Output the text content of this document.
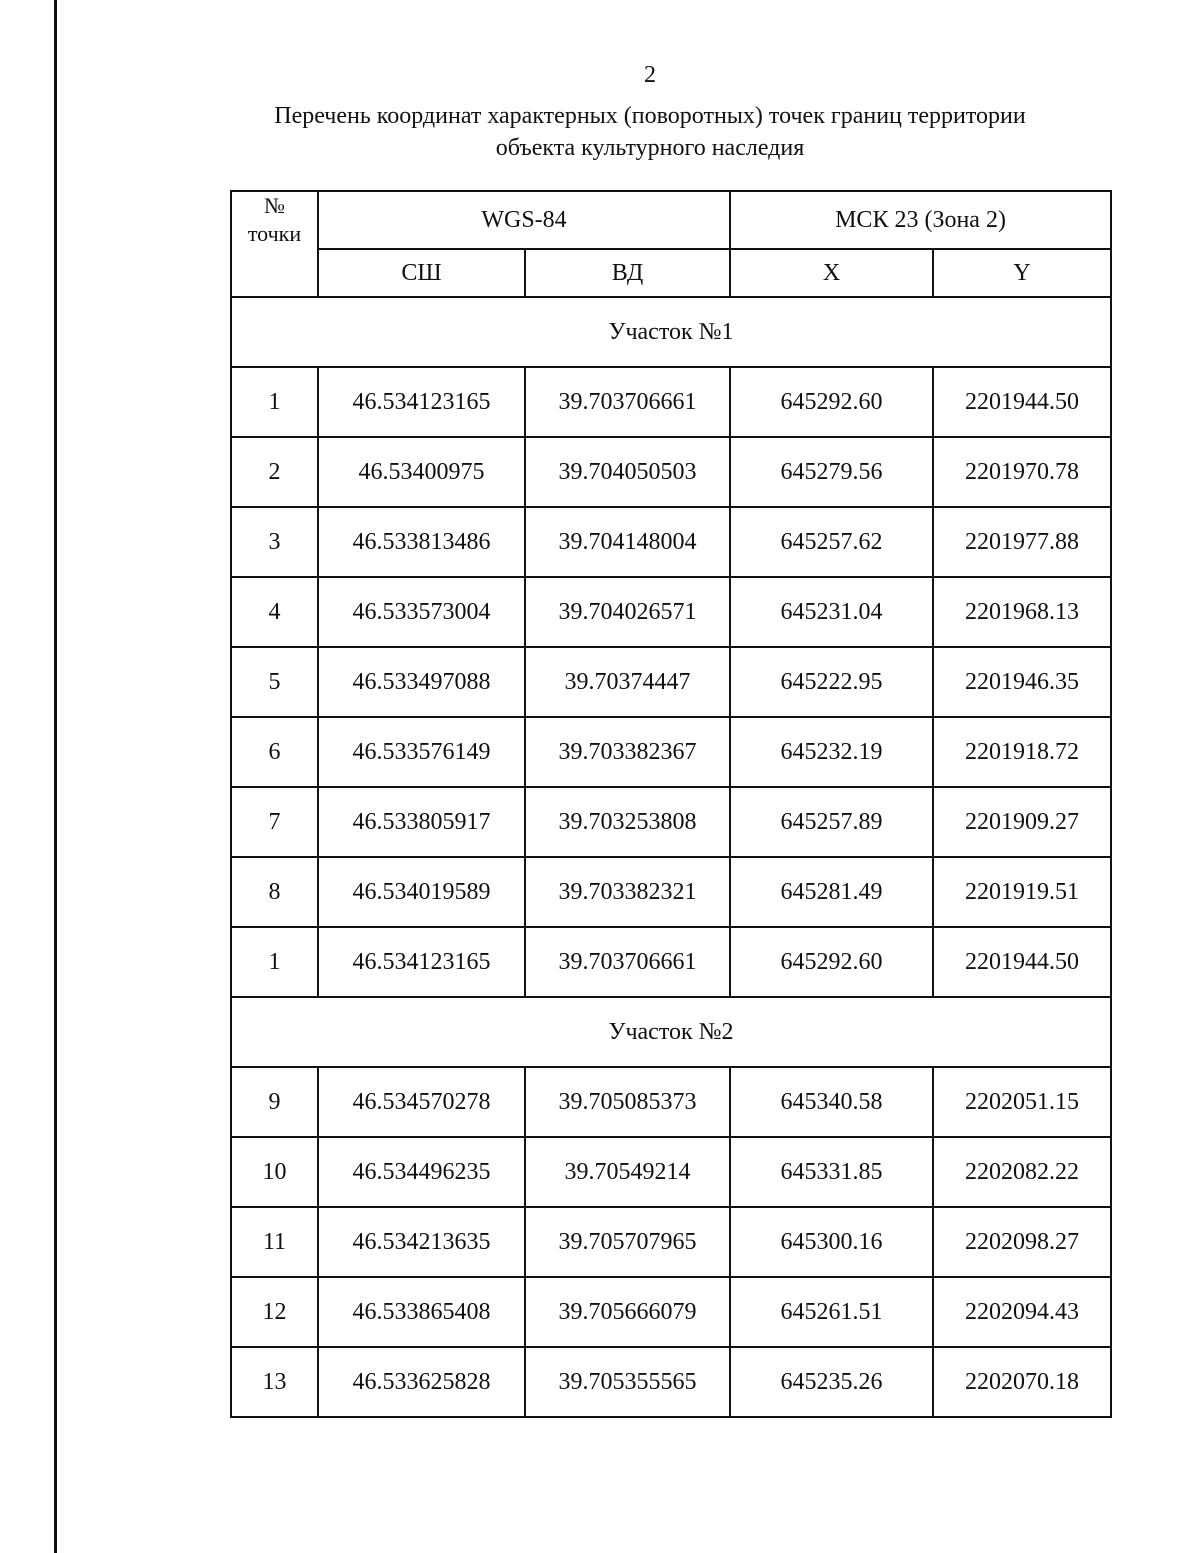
2
Перечень координат характерных (поворотных) точек границ территории
объекта культурного наследия
№
точки	WGS-84		МСК 23 (Зона 2)	
	СШ	ВД	X	Y
Участок №1				
1	46.534123165	39.703706661	645292.60	2201944.50
2	46.53400975	39.704050503	645279.56	2201970.78
3	46.533813486	39.704148004	645257.62	2201977.88
4	46.533573004	39.704026571	645231.04	2201968.13
5	46.533497088	39.70374447	645222.95	2201946.35
6	46.533576149	39.703382367	645232.19	2201918.72
7	46.533805917	39.703253808	645257.89	2201909.27
8	46.534019589	39.703382321	645281.49	2201919.51
1	46.534123165	39.703706661	645292.60	2201944.50
Участок №2				
9	46.534570278	39.705085373	645340.58	2202051.15
10	46.534496235	39.70549214	645331.85	2202082.22
11	46.534213635	39.705707965	645300.16	2202098.27
12	46.533865408	39.705666079	645261.51	2202094.43
13	46.533625828	39.705355565	645235.26	2202070.18
